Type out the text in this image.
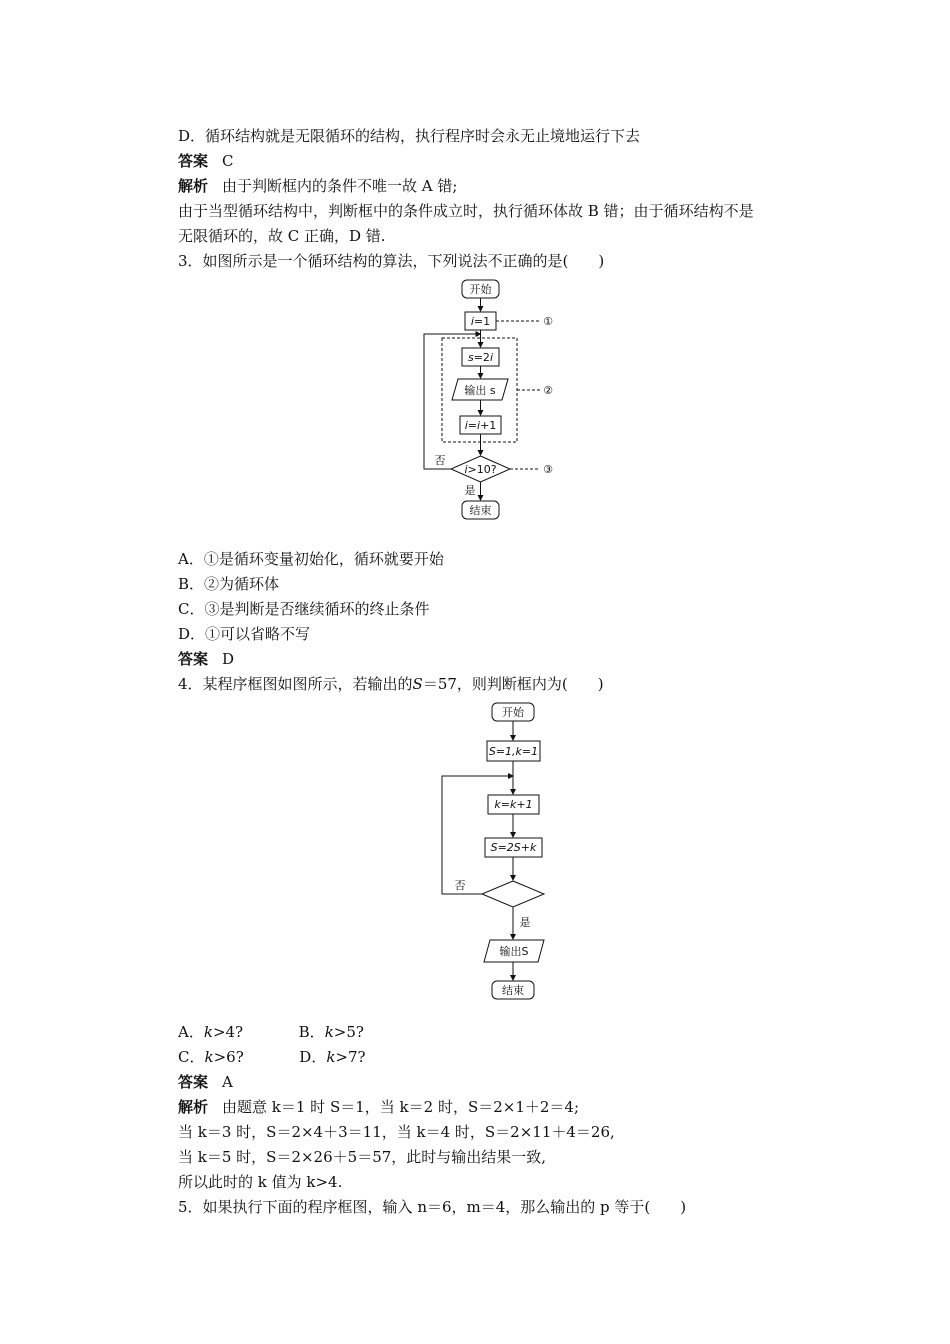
D．循环结构就是无限循环的结构，执行程序时会永无止境地运行下去
答案 C
解析 由于判断框内的条件不唯一故 A 错;
由于当型循环结构中，判断框中的条件成立时，执行循环体故 B 错；由于循环结构不是
无限循环的，故 C 正确，D 错.
3．如图所示是一个循环结构的算法，下列说法不正确的是(　　)
开始
i=1	①
②
s=2i
输出 s
i=i+1
i>10?	③
否
是
结束
A．①是循环变量初始化，循环就要开始
B．②为循环体
C．③是判断是否继续循环的终止条件
D．①可以省略不写
答案 D
4．某程序框图如图所示，若输出的S＝57，则判断框内为(　　)
开始
S=1,k=1
k=k+1
S=2S+k
否
是
输出S
结束
A．k>4?	B．k>5?
C．k>6?	D．k>7?
答案 A
解析 由题意 k＝1 时 S＝1，当 k＝2 时，S＝2×1＋2＝4;
当 k＝3 时，S＝2×4＋3＝11，当 k＝4 时，S＝2×11＋4＝26,
当 k＝5 时，S＝2×26＋5＝57，此时与输出结果一致,
所以此时的 k 值为 k>4.
5．如果执行下面的程序框图，输入 n＝6，m＝4，那么输出的 p 等于(　　)
